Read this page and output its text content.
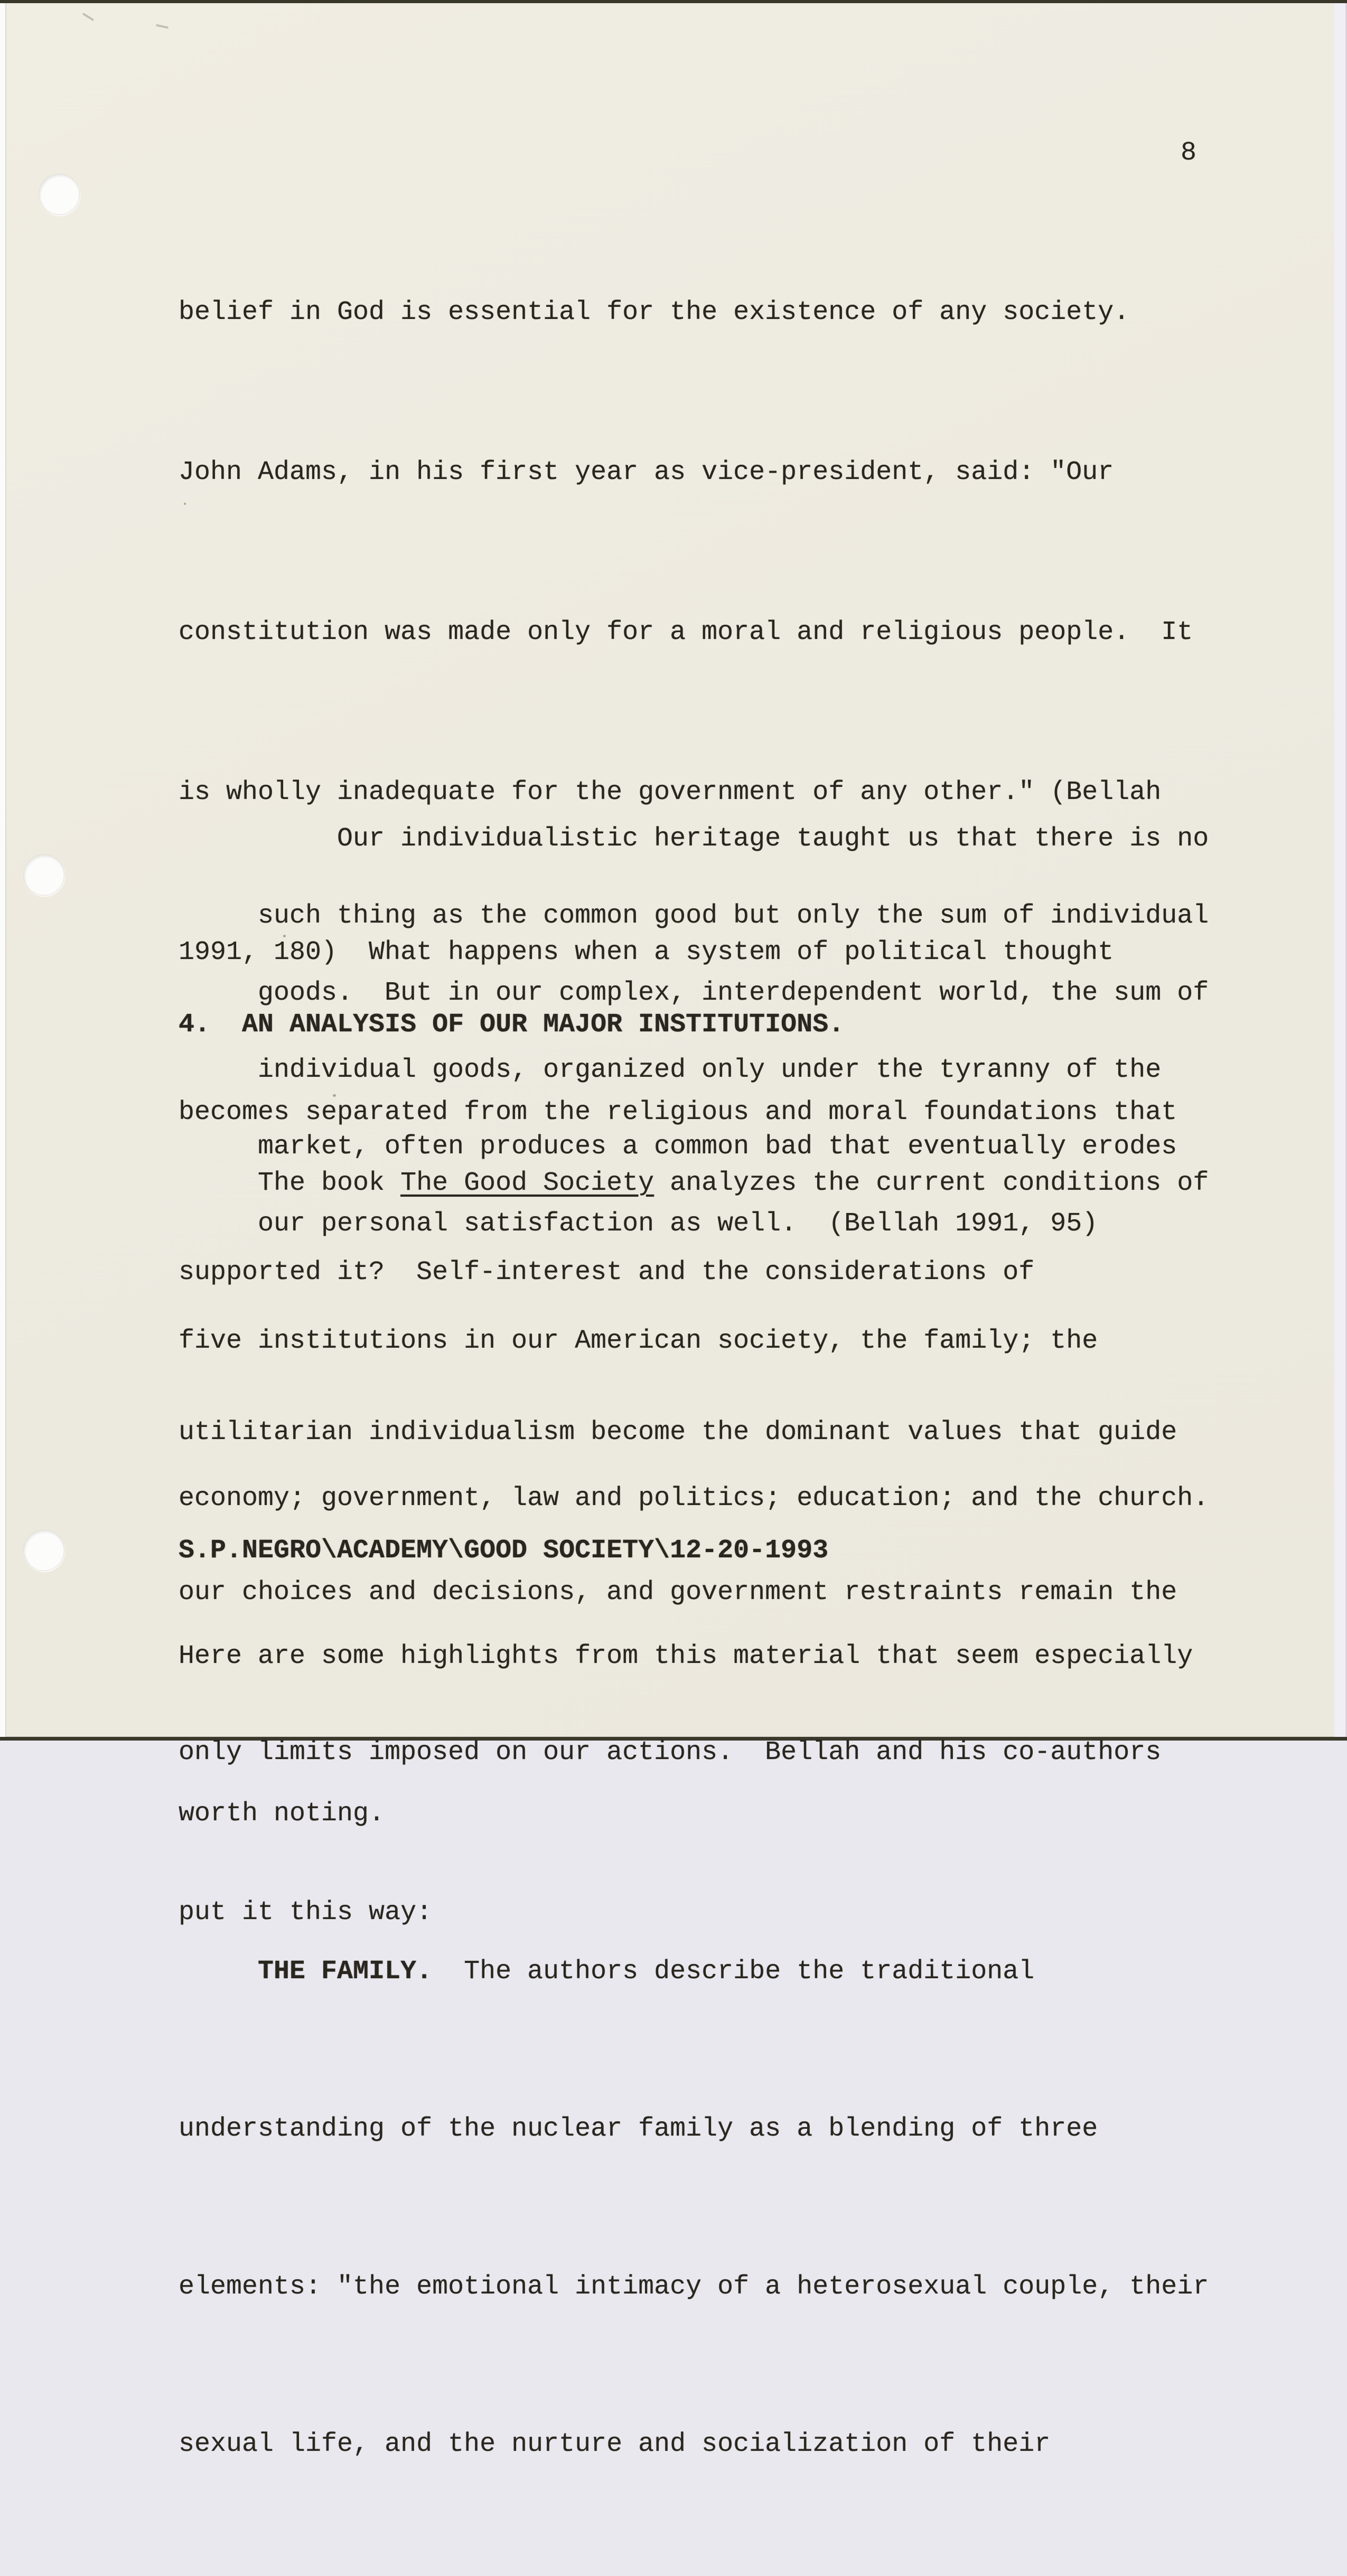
8

belief in God is essential for the existence of any society.

John Adams, in his first year as vice-president, said: "Our

constitution was made only for a moral and religious people.  It

is wholly inadequate for the government of any other." (Bellah

1991, 180)  What happens when a system of political thought

becomes separated from the religious and moral foundations that

supported it?  Self-interest and the considerations of

utilitarian individualism become the dominant values that guide

our choices and decisions, and government restraints remain the

only limits imposed on our actions.  Bellah and his co-authors

put it this way:

Our individualistic heritage taught us that there is no

such thing as the common good but only the sum of individual

goods.  But in our complex, interdependent world, the sum of

individual goods, organized only under the tyranny of the

market, often produces a common bad that eventually erodes

our personal satisfaction as well.  (Bellah 1991, 95)

4.  AN ANALYSIS OF OUR MAJOR INSTITUTIONS.

The book The Good Society analyzes the current conditions of

five institutions in our American society, the family; the

economy; government, law and politics; education; and the church.

Here are some highlights from this material that seem especially

worth noting.

THE FAMILY.  The authors describe the traditional

understanding of the nuclear family as a blending of three

elements: "the emotional intimacy of a heterosexual couple, their

sexual life, and the nurture and socialization of their

S.P.NEGRO\ACADEMY\GOOD SOCIETY\12-20-1993
